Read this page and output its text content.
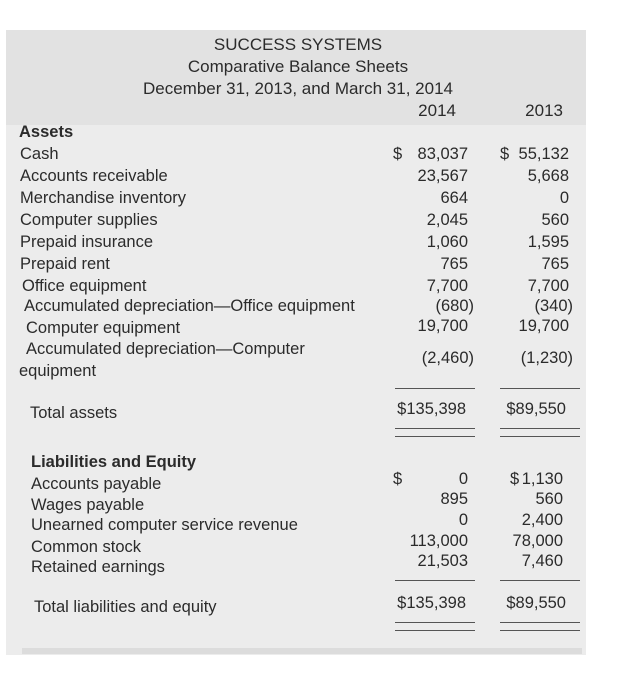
SUCCESS SYSTEMS
Comparative Balance Sheets
December 31, 2013, and March 31, 2014
2014	2013
Assets
Cash	$ 83,037 $ 55,132
Accounts receivable	23,567	5,668
Merchandise inventory	664	0
Computer supplies	2,045	560
Prepaid insurance	1,060	1,595
Prepaid rent	765	765
Office equipment	7,700	7,700
Accumulated depreciation—Office equipment	(680)	(340)
Computer equipment	19,700	19,700
Accumulated depreciation—Computer
equipment
(2,460)	(1,230)
Total assets	$135,398	$89,550
Liabilities and Equity
Accounts payable	$	0	$ 1,130
Wages payable	895	560
Unearned computer service revenue	0	2,400
Common stock	113,000	78,000
Retained earnings	21,503	7,460
Total liabilities and equity	$135,398	$89,550
